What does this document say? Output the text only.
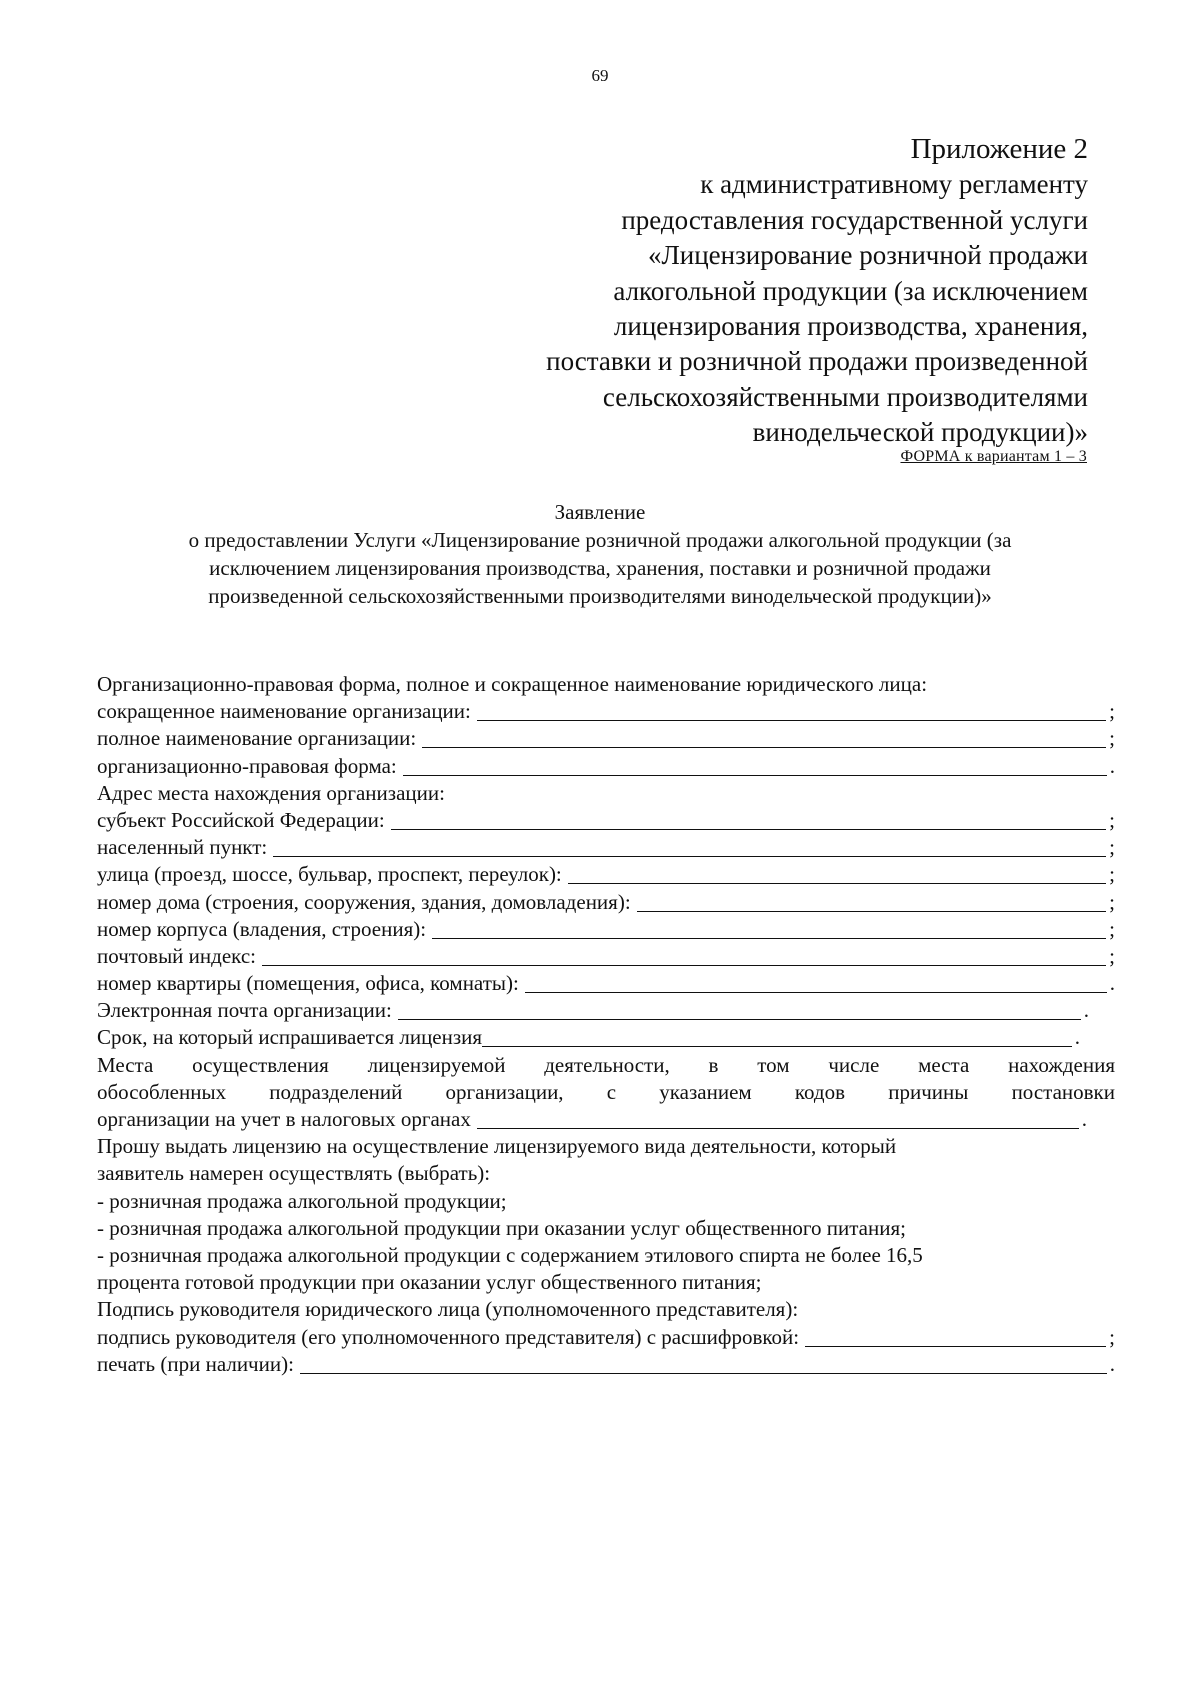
69
Приложение 2
к административному регламенту
предоставления государственной услуги
«Лицензирование розничной продажи
алкогольной продукции (за исключением
лицензирования производства, хранения,
поставки и розничной продажи произведенной
сельскохозяйственными производителями
винодельческой продукции)»
ФОРМА к вариантам 1 – 3
Заявление
о предоставлении Услуги «Лицензирование розничной продажи алкогольной продукции (за
исключением лицензирования производства, хранения, поставки и розничной продажи
произведенной сельскохозяйственными производителями винодельческой продукции)»
Организационно-правовая форма, полное и сокращенное наименование юридического лица:
сокращенное наименование организации:	;
полное наименование организации:	;
организационно-правовая форма:	.
Адрес места нахождения организации:
субъект Российской Федерации:	;
населенный пункт:	;
улица (проезд, шоссе, бульвар, проспект, переулок):	;
номер дома (строения, сооружения, здания, домовладения):	;
номер корпуса (владения, строения):	;
почтовый индекс:	;
номер квартиры (помещения, офиса, комнаты):	.
Электронная почта организации:	.
Срок, на который испрашивается лицензия	.
Места осуществления лицензируемой деятельности, в том числе места нахождения
обособленных подразделений организации, с указанием кодов причины постановки
организации на учет в налоговых органах	.
Прошу выдать лицензию на осуществление лицензируемого вида деятельности, который
заявитель намерен осуществлять (выбрать):
- розничная продажа алкогольной продукции;
- розничная продажа алкогольной продукции при оказании услуг общественного питания;
- розничная продажа алкогольной продукции с содержанием этилового спирта не более 16,5
процента готовой продукции при оказании услуг общественного питания;
Подпись руководителя юридического лица (уполномоченного представителя):
подпись руководителя (его уполномоченного представителя) с расшифровкой:	;
печать (при наличии):	.
